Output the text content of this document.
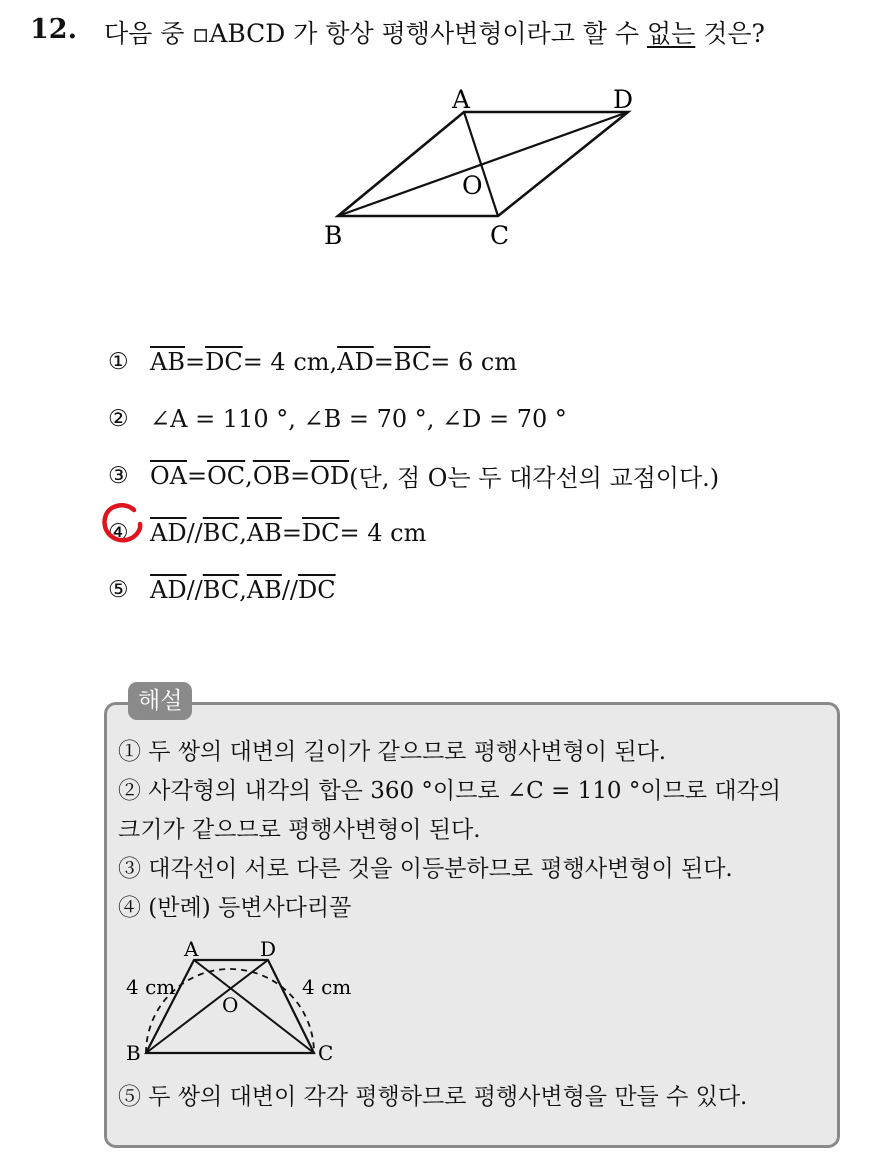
12. 다음 중 ▫ABCD 가 항상 평행사변형이라고 할 수 없는 것은?
A	D
B	C
O
① $\overline{AB} = \overline{DC} = 4$ cm, $\overline{AD} = \overline{BC} = 6$ cm
② ∠A = 110 °, ∠B = 70 °, ∠D = 70 °
③ $\overline{OA} = \overline{OC}$ , $\overline{OB} = \overline{OD}$ (단, 점 O는 두 대각선의 교점이다.)
④ $\overline{AD} // \overline{BC}$ , $\overline{AB} = \overline{DC} = 4$ cm
⑤ $\overline{AD} // \overline{BC}$ , $\overline{AB} // \overline{DC}$
해설
① 두 쌍의 대변의 길이가 같으므로 평행사변형이 된다.
② 사각형의 내각의 합은 360 °이므로 ∠C = 110 °이므로 대각의
크기가 같으므로 평행사변형이 된다.
③ 대각선이 서로 다른 것을 이등분하므로 평행사변형이 된다.
④ (반례) 등변사다리꼴
A	D
B	C
O
4 cm	4 cm
⑤ 두 쌍의 대변이 각각 평행하므로 평행사변형을 만들 수 있다.
